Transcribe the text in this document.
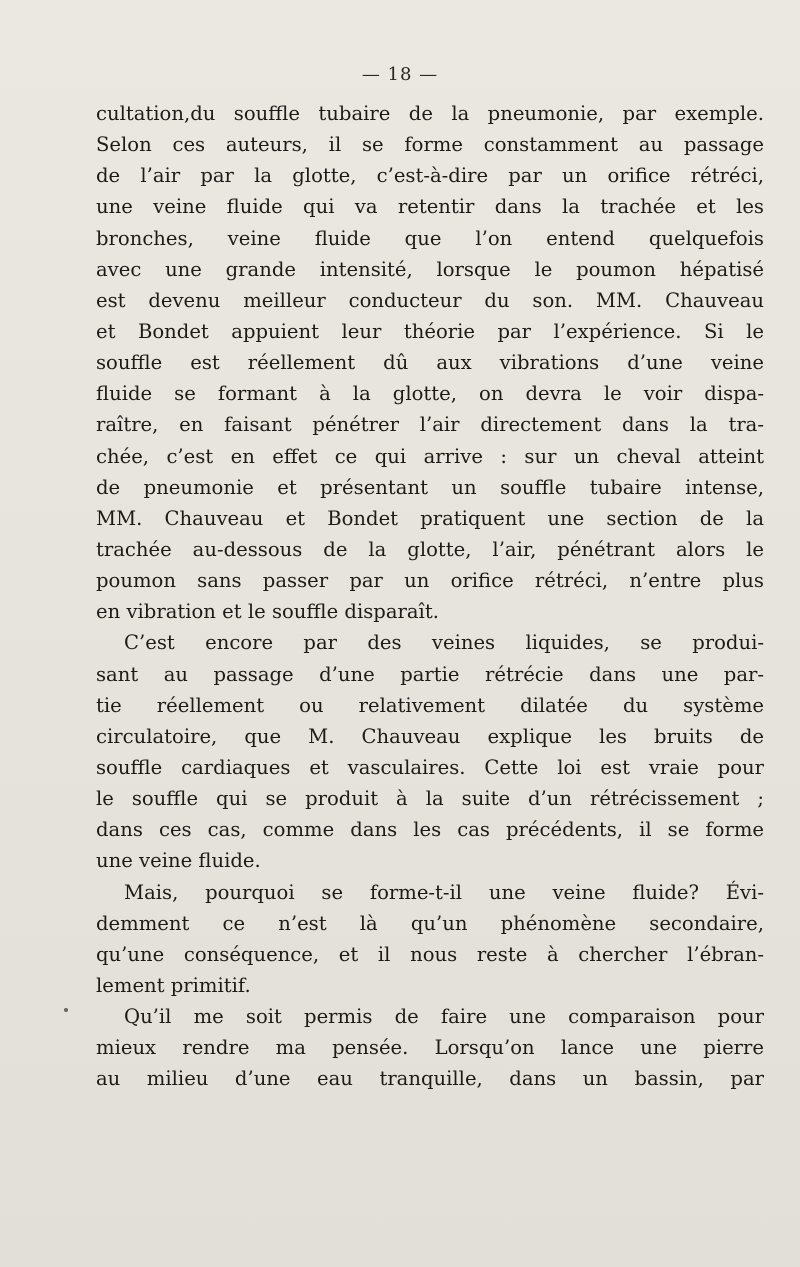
— 18 —
cultation,du souffle tubaire de la pneumonie, par exemple.
Selon ces auteurs, il se forme constamment au passage
de l’air par la glotte, c’est-à-dire par un orifice rétréci,
une veine fluide qui va retentir dans la trachée et les
bronches, veine fluide que l’on entend quelquefois
avec une grande intensité, lorsque le poumon hépatisé
est devenu meilleur conducteur du son. MM. Chauveau
et Bondet appuient leur théorie par l’expérience. Si le
souffle est réellement dû aux vibrations d’une veine
fluide se formant à la glotte, on devra le voir dispa-
raître, en faisant pénétrer l’air directement dans la tra-
chée, c’est en effet ce qui arrive : sur un cheval atteint
de pneumonie et présentant un souffle tubaire intense,
MM. Chauveau et Bondet pratiquent une section de la
trachée au-dessous de la glotte, l’air, pénétrant alors le
poumon sans passer par un orifice rétréci, n’entre plus
en vibration et le souffle disparaît.
C’est encore par des veines liquides, se produi-
sant au passage d’une partie rétrécie dans une par-
tie réellement ou relativement dilatée du système
circulatoire, que M. Chauveau explique les bruits de
souffle cardiaques et vasculaires. Cette loi est vraie pour
le souffle qui se produit à la suite d’un rétrécissement ;
dans ces cas, comme dans les cas précédents, il se forme
une veine fluide.
Mais, pourquoi se forme-t-il une veine fluide? Évi-
demment ce n’est là qu’un phénomène secondaire,
qu’une conséquence, et il nous reste à chercher l’ébran-
lement primitif.
Qu’il me soit permis de faire une comparaison pour
mieux rendre ma pensée. Lorsqu’on lance une pierre
au milieu d’une eau tranquille, dans un bassin, par
